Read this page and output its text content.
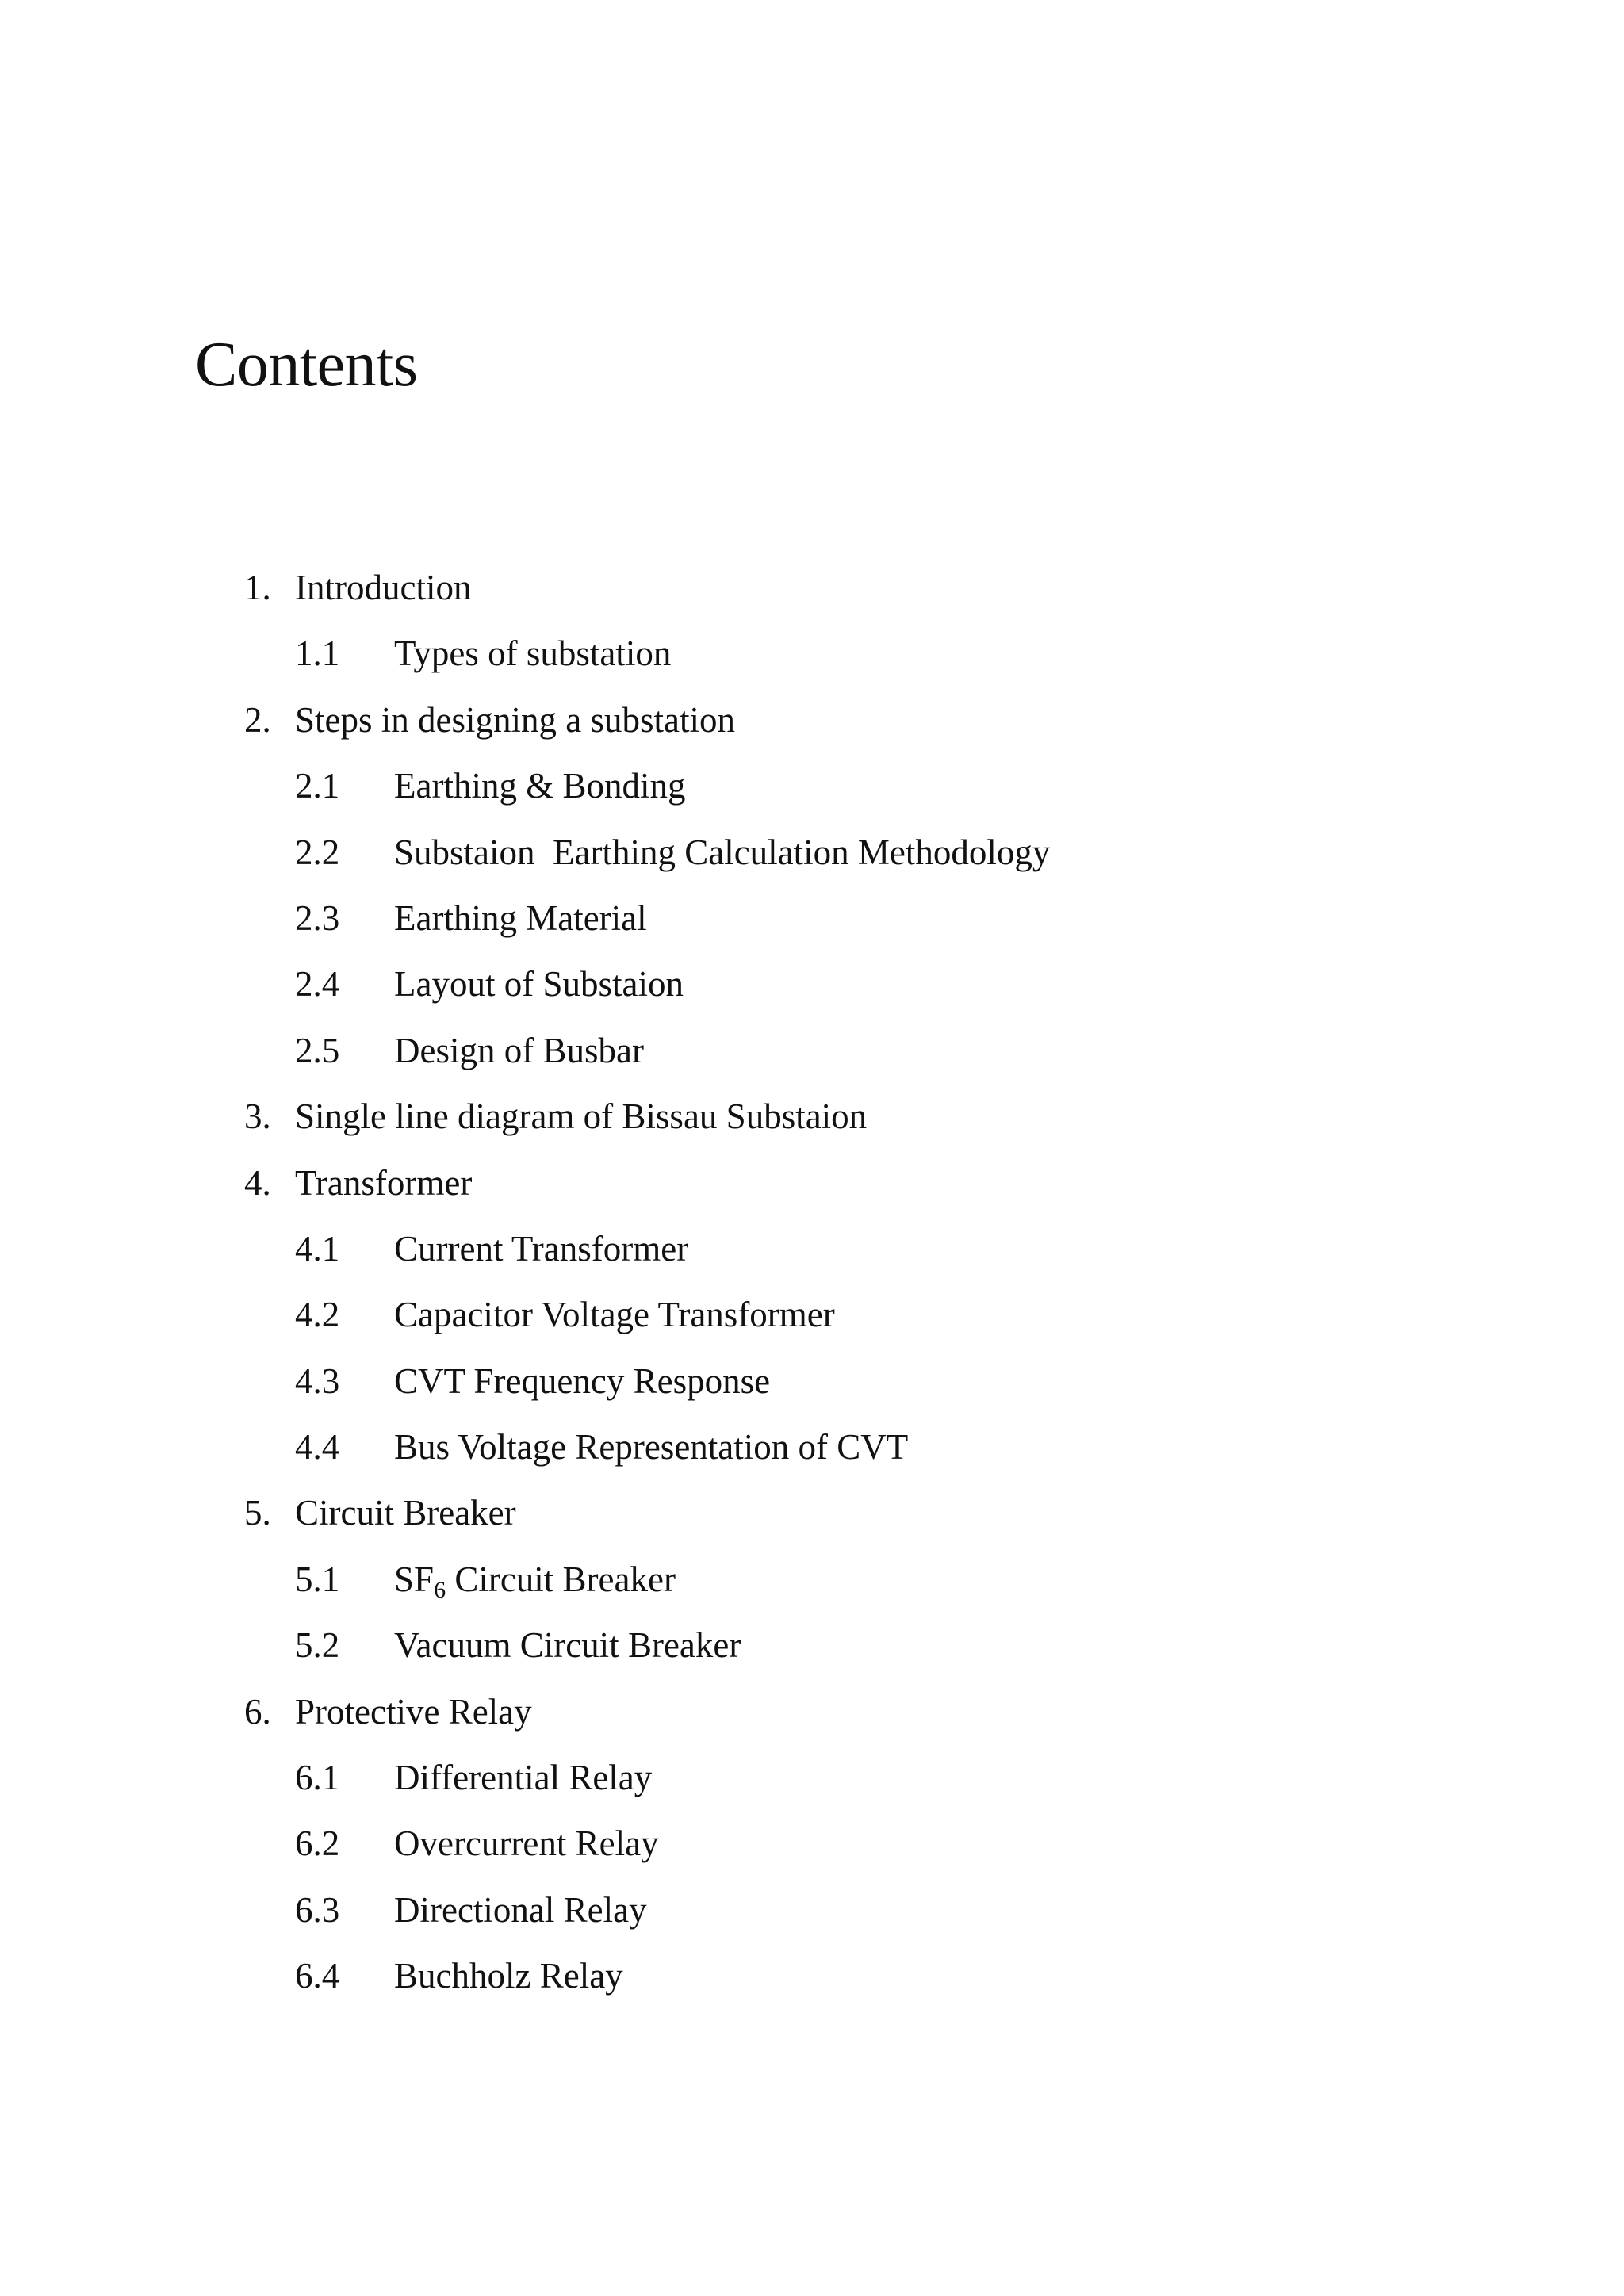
Contents
1. Introduction
1.1 Types of substation
2. Steps in designing a substation
2.1 Earthing & Bonding
2.2 Substaion  Earthing Calculation Methodology
2.3 Earthing Material
2.4 Layout of Substaion
2.5 Design of Busbar
3. Single line diagram of Bissau Substaion
4. Transformer
4.1 Current Transformer
4.2 Capacitor Voltage Transformer
4.3 CVT Frequency Response
4.4 Bus Voltage Representation of CVT
5. Circuit Breaker
5.1 $SF_6$ Circuit Breaker
5.2 Vacuum Circuit Breaker
6. Protective Relay
6.1 Differential Relay
6.2 Overcurrent Relay
6.3 Directional Relay
6.4 Buchholz Relay
